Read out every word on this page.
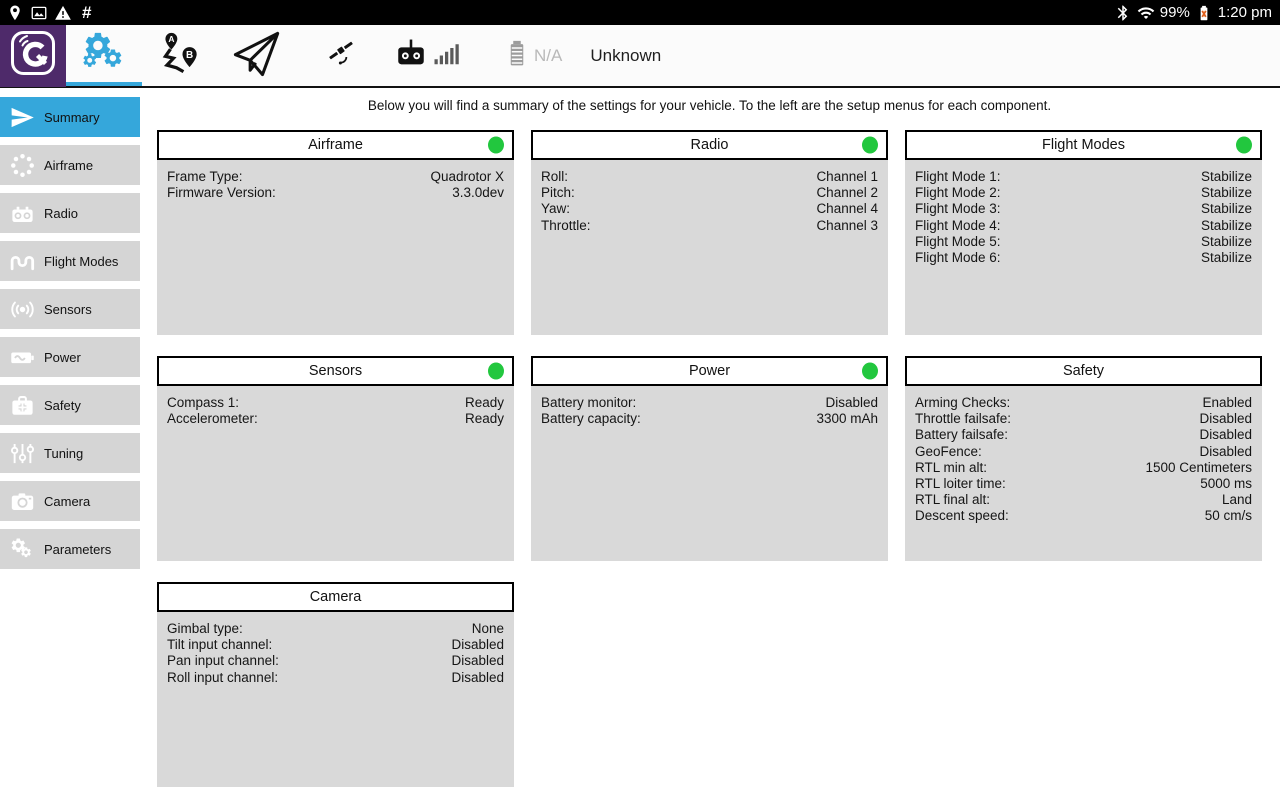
#	99% 1:20 pm
A
B	N/A Unknown
Summary
Airframe
Radio
Flight Modes
Sensors
Power
Safety
Tuning
Camera
Parameters
Below you will find a summary of the settings for your vehicle. To the left are the setup menus for each component.
Airframe
Frame Type:	Quadrotor X
Firmware Version:	3.3.0dev
Radio
Roll:	Channel 1
Pitch:	Channel 2
Yaw:	Channel 4
Throttle:	Channel 3
Flight Modes
Flight Mode 1:	Stabilize
Flight Mode 2:	Stabilize
Flight Mode 3:	Stabilize
Flight Mode 4:	Stabilize
Flight Mode 5:	Stabilize
Flight Mode 6:	Stabilize
Sensors
Compass 1:	Ready
Accelerometer:	Ready
Power
Battery monitor:	Disabled
Battery capacity:	3300 mAh
Safety
Arming Checks:	Enabled
Throttle failsafe:	Disabled
Battery failsafe:	Disabled
GeoFence:	Disabled
RTL min alt:	1500 Centimeters
RTL loiter time:	5000 ms
RTL final alt:	Land
Descent speed:	50 cm/s
Camera
Gimbal type:	None
Tilt input channel:	Disabled
Pan input channel:	Disabled
Roll input channel:	Disabled
